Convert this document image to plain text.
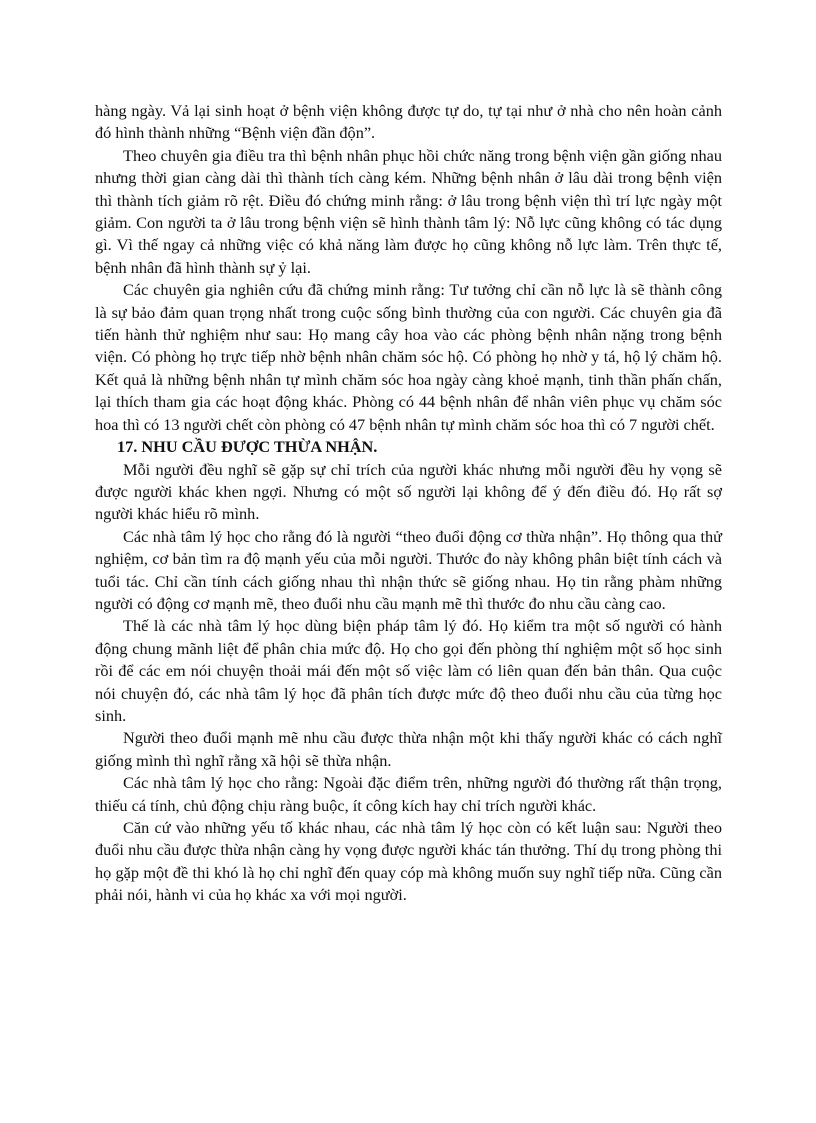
hàng ngày. Vả lại sinh hoạt ở bệnh viện không được tự do, tự tại như ở nhà cho nên hoàn cảnh đó hình thành những “Bệnh viện đần độn”.

Theo chuyên gia điều tra thì bệnh nhân phục hồi chức năng trong bệnh viện gần giống nhau nhưng thời gian càng dài thì thành tích càng kém. Những bệnh nhân ở lâu dài trong bệnh viện thì thành tích giảm rõ rệt. Điều đó chứng minh rằng: ở lâu trong bệnh viện thì trí lực ngày một giảm. Con người ta ở lâu trong bệnh viện sẽ hình thành tâm lý: Nỗ lực cũng không có tác dụng gì. Vì thế ngay cả những việc có khả năng làm được họ cũng không nỗ lực làm. Trên thực tế, bệnh nhân đã hình thành sự ỷ lại.

Các chuyên gia nghiên cứu đã chứng minh rằng: Tư tưởng chỉ cần nỗ lực là sẽ thành công là sự bảo đảm quan trọng nhất trong cuộc sống bình thường của con người. Các chuyên gia đã tiến hành thử nghiệm như sau: Họ mang cây hoa vào các phòng bệnh nhân nặng trong bệnh viện. Có phòng họ trực tiếp nhờ bệnh nhân chăm sóc hộ. Có phòng họ nhờ y tá, hộ lý chăm hộ. Kết quả là những bệnh nhân tự mình chăm sóc hoa ngày càng khoẻ mạnh, tinh thần phấn chấn, lại thích tham gia các hoạt động khác. Phòng có 44 bệnh nhân để nhân viên phục vụ chăm sóc hoa thì có 13 người chết còn phòng có 47 bệnh nhân tự mình chăm sóc hoa thì có 7 người chết.

17. NHU CẦU ĐƯỢC THỪA NHẬN.

Mỗi người đều nghĩ sẽ gặp sự chỉ trích của người khác nhưng mỗi người đều hy vọng sẽ được người khác khen ngợi. Nhưng có một số người lại không để ý đến điều đó. Họ rất sợ người khác hiểu rõ mình.

Các nhà tâm lý học cho rằng đó là người “theo đuổi động cơ thừa nhận”. Họ thông qua thử nghiệm, cơ bản tìm ra độ mạnh yếu của mỗi người. Thước đo này không phân biệt tính cách và tuổi tác. Chỉ cần tính cách giống nhau thì nhận thức sẽ giống nhau. Họ tin rằng phàm những người có động cơ mạnh mẽ, theo đuổi nhu cầu mạnh mẽ thì thước đo nhu cầu càng cao.

Thế là các nhà tâm lý học dùng biện pháp tâm lý đó. Họ kiểm tra một số người có hành động chung mãnh liệt để phân chia mức độ. Họ cho gọi đến phòng thí nghiệm một số học sinh rồi để các em nói chuyện thoải mái đến một số việc làm có liên quan đến bản thân. Qua cuộc nói chuyện đó, các nhà tâm lý học đã phân tích được mức độ theo đuổi nhu cầu của từng học sinh.

Người theo đuổi mạnh mẽ nhu cầu được thừa nhận một khi thấy người khác có cách nghĩ giống mình thì nghĩ rằng xã hội sẽ thừa nhận.

Các nhà tâm lý học cho rằng: Ngoài đặc điểm trên, những người đó thường rất thận trọng, thiếu cá tính, chủ động chịu ràng buộc, ít công kích hay chỉ trích người khác.

Căn cứ vào những yếu tố khác nhau, các nhà tâm lý học còn có kết luận sau: Người theo đuổi nhu cầu được thừa nhận càng hy vọng được người khác tán thưởng. Thí dụ trong phòng thi họ gặp một đề thi khó là họ chỉ nghĩ đến quay cóp mà không muốn suy nghĩ tiếp nữa. Cũng cần phải nói, hành vi của họ khác xa với mọi người.
